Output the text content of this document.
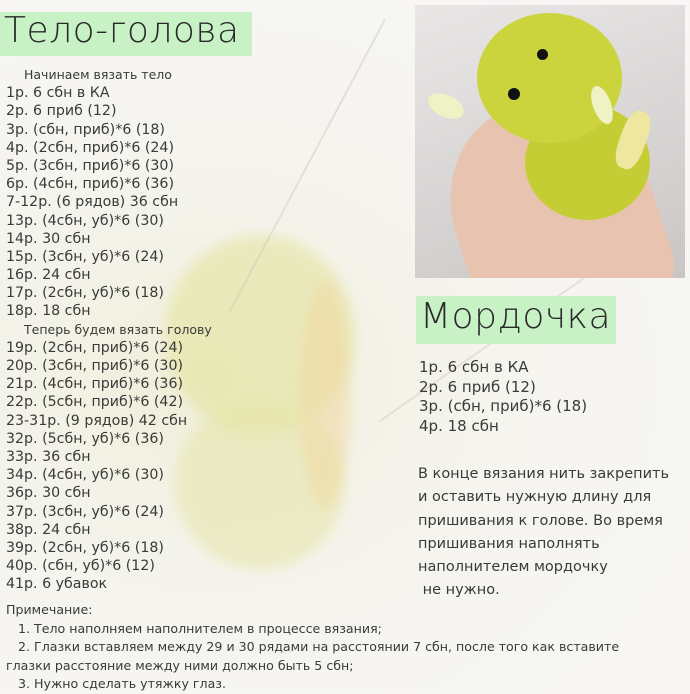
Тело-голова
Начинаем вязать тело
1р. 6 сбн в КА
2р. 6 приб (12)
3р. (сбн, приб)*6 (18)
4р. (2сбн, приб)*6 (24)
5р. (3сбн, приб)*6 (30)
6р. (4сбн, приб)*6 (36)
7-12р. (6 рядов) 36 сбн
13р. (4сбн, уб)*6 (30)
14р. 30 сбн
15р. (3сбн, уб)*6 (24)
16р. 24 сбн
17р. (2сбн, уб)*6 (18)
18р. 18 сбн
Теперь будем вязать голову
19р. (2сбн, приб)*6 (24)
20р. (3сбн, приб)*6 (30)
21р. (4сбн, приб)*6 (36)
22р. (5сбн, приб)*6 (42)
23-31р. (9 рядов) 42 сбн
32р. (5сбн, уб)*6 (36)
33р. 36 сбн
34р. (4сбн, уб)*6 (30)
36р. 30 сбн
37р. (3сбн, уб)*6 (24)
38р. 24 сбн
39р. (2сбн, уб)*6 (18)
40р. (сбн, уб)*6 (12)
41р. 6 убавок
Мордочка
1р. 6 сбн в КА
2р. 6 приб (12)
3р. (сбн, приб)*6 (18)
4р. 18 сбн
В конце вязания нить закрепить
и оставить нужную длину для
пришивания к голове. Во время
пришивания наполнять
наполнителем мордочку
не нужно.
Примечание:
1. Тело наполняем наполнителем в процессе вязания;
2. Глазки вставляем между 29 и 30 рядами на расстоянии 7 сбн, после того как вставите
глазки расстояние между ними должно быть 5 сбн;
3. Нужно сделать утяжку глаз.
